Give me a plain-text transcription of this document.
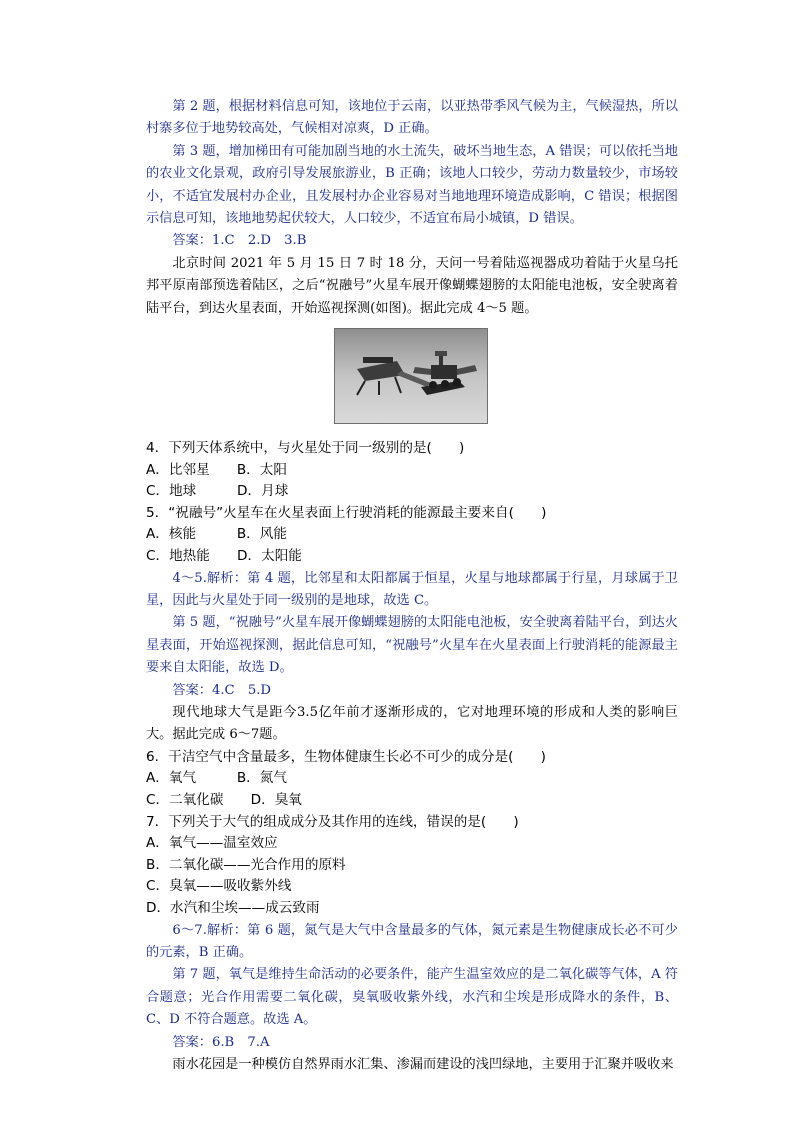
第 2 题，根据材料信息可知，该地位于云南，以亚热带季风气候为主，气候湿热，所以村寨多位于地势较高处，气候相对凉爽，D 正确。

第 3 题，增加梯田有可能加剧当地的水土流失，破坏当地生态，A 错误；可以依托当地的农业文化景观，政府引导发展旅游业，B 正确；该地人口较少，劳动力数量较少，市场较小，不适宜发展村办企业，且发展村办企业容易对当地地理环境造成影响，C 错误；根据图示信息可知，该地地势起伏较大，人口较少，不适宜布局小城镇，D 错误。

答案：1.C　2.D　3.B

北京时间 2021 年 5 月 15 日 7 时 18 分，天问一号着陆巡视器成功着陆于火星乌托邦平原南部预选着陆区，之后“祝融号”火星车展开像蝴蝶翅膀的太阳能电池板，安全驶离着陆平台，到达火星表面，开始巡视探测(如图)。据此完成 4～5 题。

4．下列天体系统中，与火星处于同一级别的是(　　)

A．比邻星　　B．太阳

C．地球　　　D．月球

5．“祝融号”火星车在火星表面上行驶消耗的能源最主要来自(　　)

A．核能　　　B．风能

C．地热能　　D．太阳能

4～5.解析：第 4 题，比邻星和太阳都属于恒星，火星与地球都属于行星，月球属于卫星，因此与火星处于同一级别的是地球，故选 C。

第 5 题，“祝融号”火星车展开像蝴蝶翅膀的太阳能电池板，安全驶离着陆平台，到达火星表面，开始巡视探测，据此信息可知，“祝融号”火星车在火星表面上行驶消耗的能源最主要来自太阳能，故选 D。

答案：4.C　5.D

现代地球大气是距今3.5亿年前才逐渐形成的，它对地理环境的形成和人类的影响巨大。据此完成 6～7题。

6．干洁空气中含量最多，生物体健康生长必不可少的成分是(　　)

A．氧气　　　B．氮气

C．二氧化碳　　D．臭氧

7．下列关于大气的组成成分及其作用的连线，错误的是(　　)

A．氧气——温室效应

B．二氧化碳——光合作用的原料

C．臭氧——吸收紫外线

D．水汽和尘埃——成云致雨

6～7.解析：第 6 题，氮气是大气中含量最多的气体，氮元素是生物健康成长必不可少的元素，B 正确。

第 7 题，氧气是维持生命活动的必要条件，能产生温室效应的是二氧化碳等气体，A 符合题意；光合作用需要二氧化碳，臭氧吸收紫外线，水汽和尘埃是形成降水的条件，B、C、D 不符合题意。故选 A。

答案：6.B　7.A

雨水花园是一种模仿自然界雨水汇集、渗漏而建设的浅凹绿地，主要用于汇聚并吸收来
